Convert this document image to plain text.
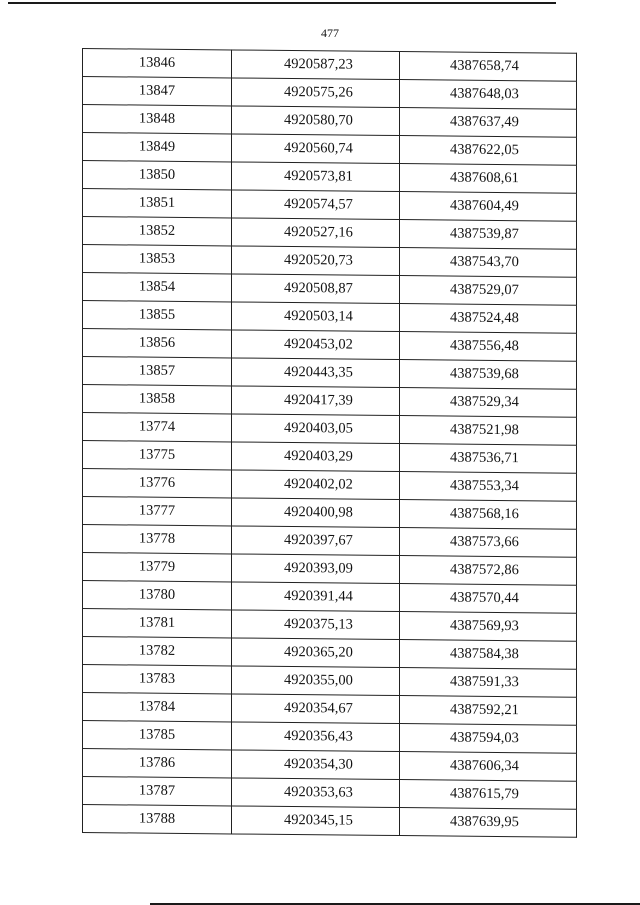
477
13846	4920587,23	4387658,74
13847	4920575,26	4387648,03
13848	4920580,70	4387637,49
13849	4920560,74	4387622,05
13850	4920573,81	4387608,61
13851	4920574,57	4387604,49
13852	4920527,16	4387539,87
13853	4920520,73	4387543,70
13854	4920508,87	4387529,07
13855	4920503,14	4387524,48
13856	4920453,02	4387556,48
13857	4920443,35	4387539,68
13858	4920417,39	4387529,34
13774	4920403,05	4387521,98
13775	4920403,29	4387536,71
13776	4920402,02	4387553,34
13777	4920400,98	4387568,16
13778	4920397,67	4387573,66
13779	4920393,09	4387572,86
13780	4920391,44	4387570,44
13781	4920375,13	4387569,93
13782	4920365,20	4387584,38
13783	4920355,00	4387591,33
13784	4920354,67	4387592,21
13785	4920356,43	4387594,03
13786	4920354,30	4387606,34
13787	4920353,63	4387615,79
13788	4920345,15	4387639,95
